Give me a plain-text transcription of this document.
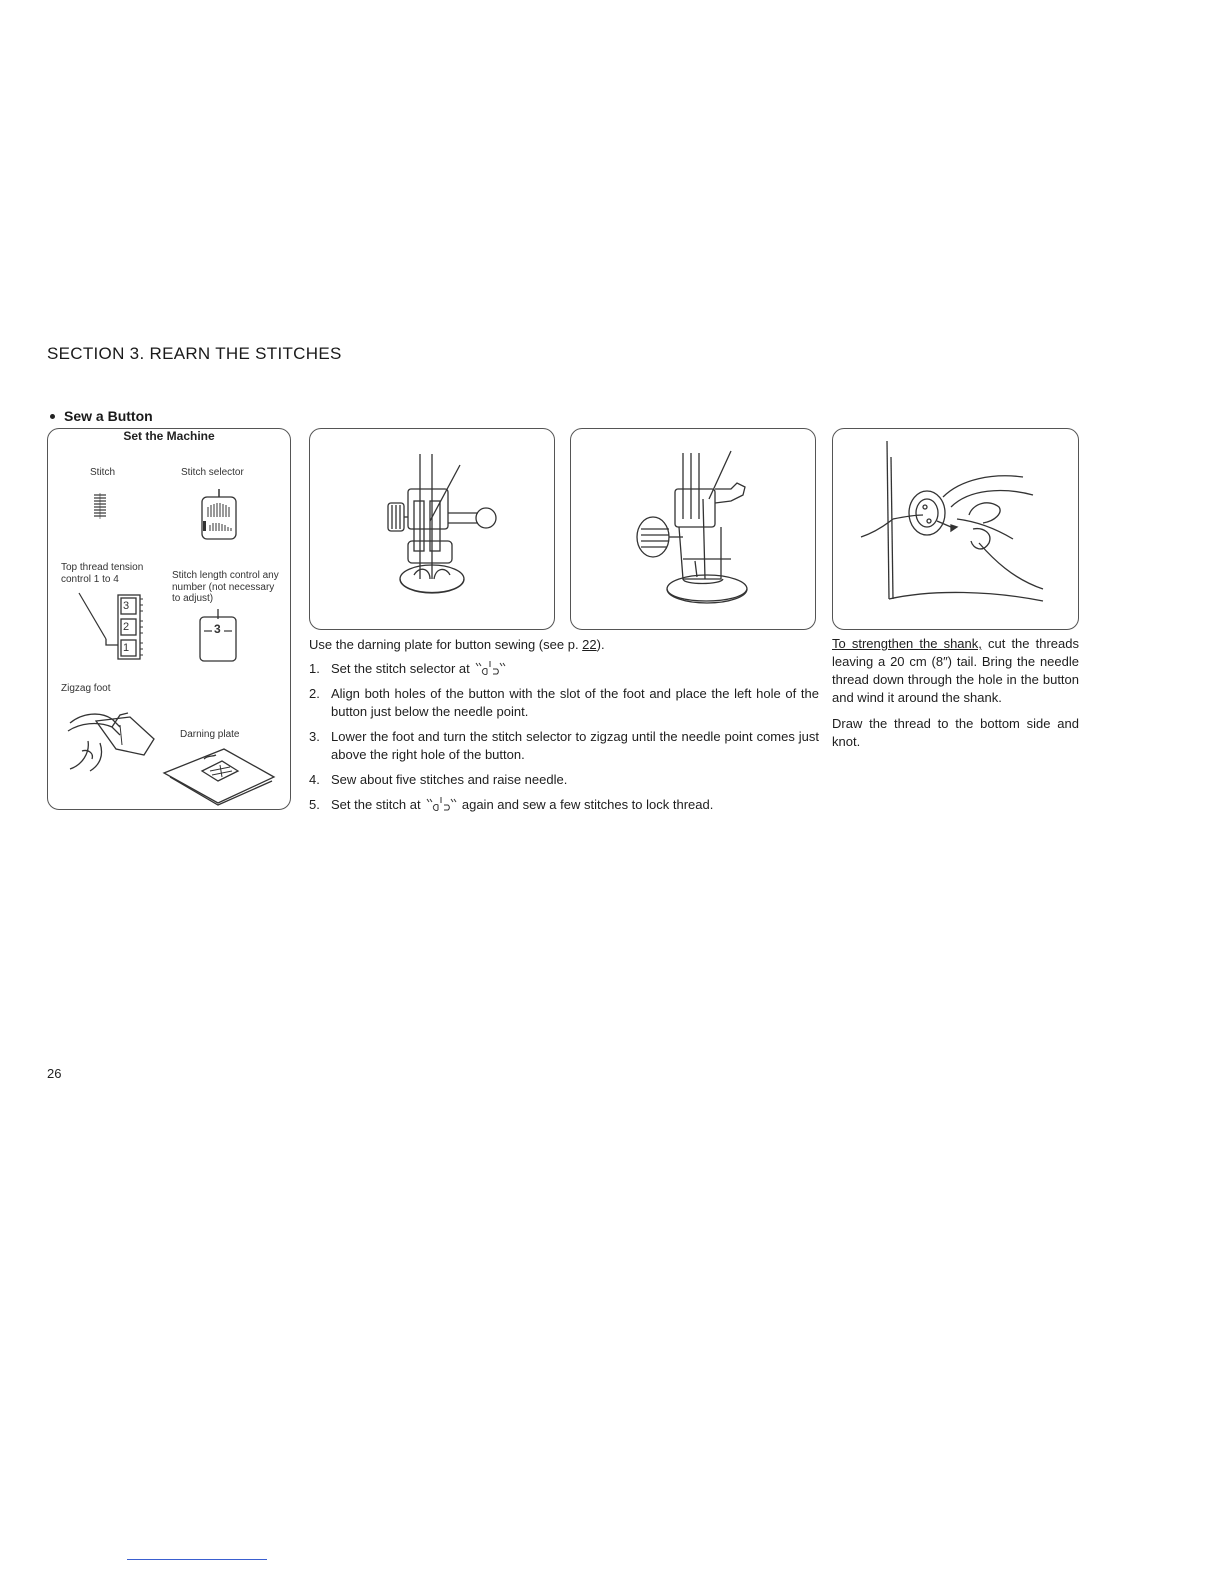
SECTION 3. REARN THE STITCHES
Sew a Button
Set the Machine
Stitch	Stitch selector
Top thread tension control 1 to 4	Stitch length control any number (not necessary to adjust)
3
2
1
3
Zigzag foot
Darning plate
Use the darning plate for button sewing (see p. 22).
1. Set the stitch selector at
2. Align both holes of the button with the slot of the foot and place the left hole of the button just below the needle point.
3. Lower the foot and turn the stitch selector to zigzag until the needle point comes just above the right hole of the button.
4. Sew about five stitches and raise needle.
5. Set the stitch at	again and sew a few stitches to lock thread.

To strengthen the shank, cut the threads leaving a 20 cm (8″) tail. Bring the needle thread down through the hole in the button and wind it around the shank.

Draw the thread to the bottom side and knot.

26
